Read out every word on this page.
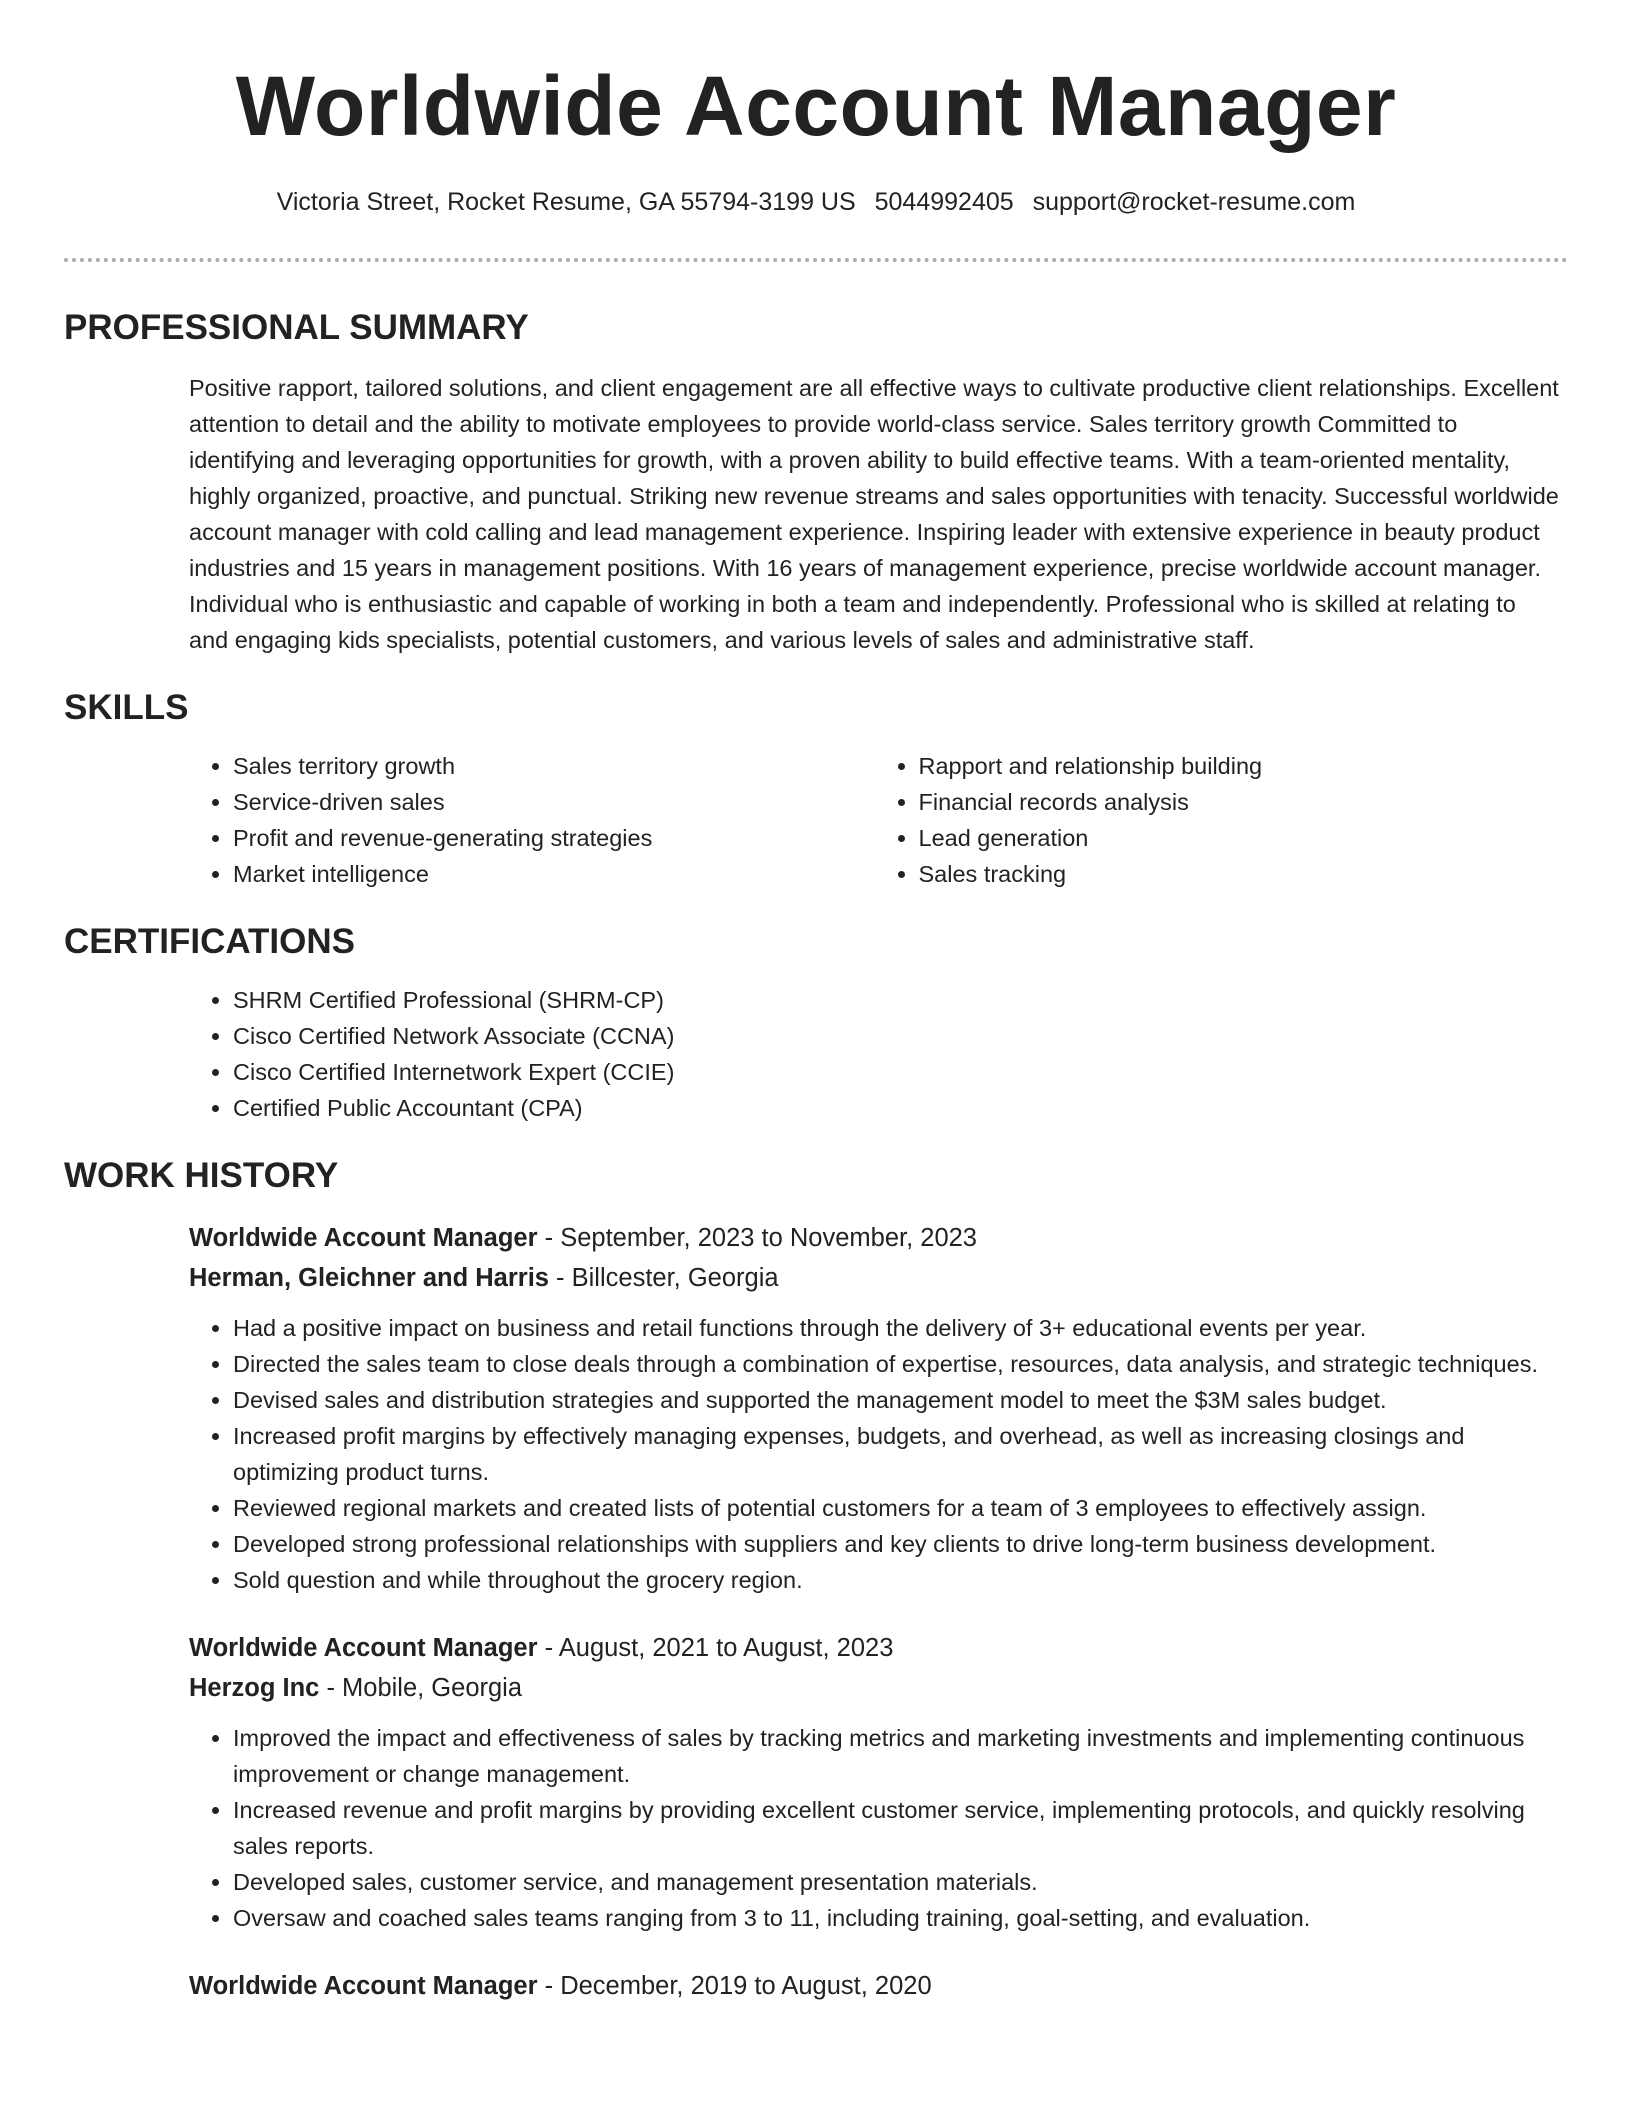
Worldwide Account Manager
Victoria Street, Rocket Resume, GA 55794-3199 US 5044992405 support@rocket-resume.com
PROFESSIONAL SUMMARY
Positive rapport, tailored solutions, and client engagement are all effective ways to cultivate productive client relationships. Excellent attention to detail and the ability to motivate employees to provide world-class service. Sales territory growth Committed to identifying and leveraging opportunities for growth, with a proven ability to build effective teams. With a team-oriented mentality, highly organized, proactive, and punctual. Striking new revenue streams and sales opportunities with tenacity. Successful worldwide account manager with cold calling and lead management experience. Inspiring leader with extensive experience in beauty product industries and 15 years in management positions. With 16 years of management experience, precise worldwide account manager. Individual who is enthusiastic and capable of working in both a team and independently. Professional who is skilled at relating to and engaging kids specialists, potential customers, and various levels of sales and administrative staff.
SKILLS
• Sales territory growth
• Service-driven sales
• Profit and revenue-generating strategies
• Market intelligence
• Rapport and relationship building
• Financial records analysis
• Lead generation
• Sales tracking
CERTIFICATIONS
• SHRM Certified Professional (SHRM-CP)
• Cisco Certified Network Associate (CCNA)
• Cisco Certified Internetwork Expert (CCIE)
• Certified Public Accountant (CPA)
WORK HISTORY
Worldwide Account Manager - September, 2023 to November, 2023
Herman, Gleichner and Harris - Billcester, Georgia
• Had a positive impact on business and retail functions through the delivery of 3+ educational events per year.
• Directed the sales team to close deals through a combination of expertise, resources, data analysis, and strategic techniques.
• Devised sales and distribution strategies and supported the management model to meet the $3M sales budget.
• Increased profit margins by effectively managing expenses, budgets, and overhead, as well as increasing closings and optimizing product turns.
• Reviewed regional markets and created lists of potential customers for a team of 3 employees to effectively assign.
• Developed strong professional relationships with suppliers and key clients to drive long-term business development.
• Sold question and while throughout the grocery region.
Worldwide Account Manager - August, 2021 to August, 2023
Herzog Inc - Mobile, Georgia
• Improved the impact and effectiveness of sales by tracking metrics and marketing investments and implementing continuous improvement or change management.
• Increased revenue and profit margins by providing excellent customer service, implementing protocols, and quickly resolving sales reports.
• Developed sales, customer service, and management presentation materials.
• Oversaw and coached sales teams ranging from 3 to 11, including training, goal-setting, and evaluation.
Worldwide Account Manager - December, 2019 to August, 2020
